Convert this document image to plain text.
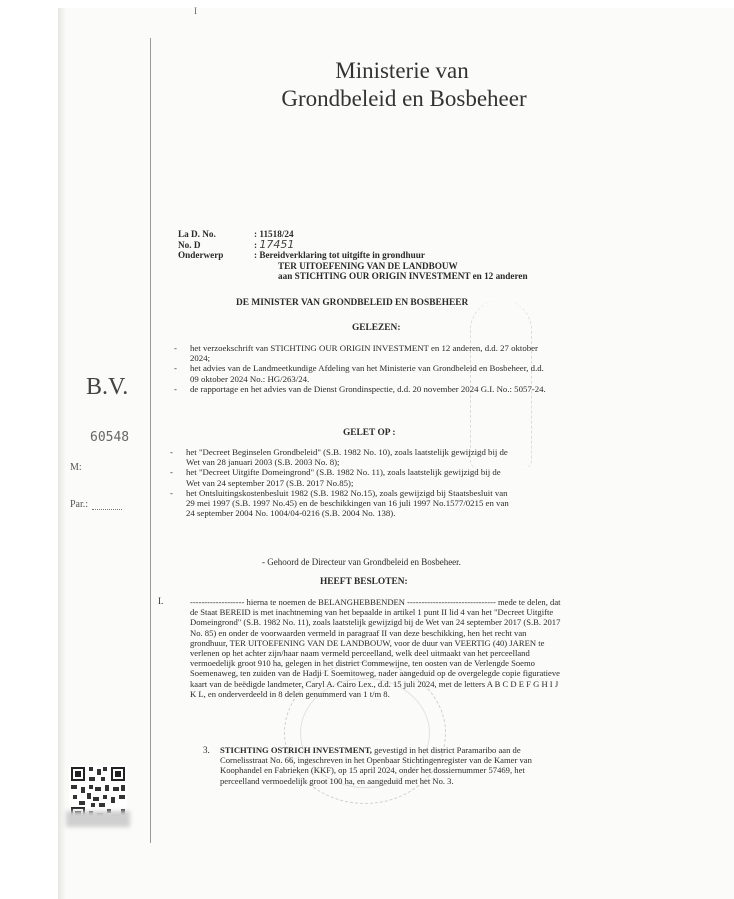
I
Ministerie van
Grondbeleid en Bosbeheer
La D. No.	: 11518/24
No. D	: 17451
Onderwerp	: Bereidverklaring tot uitgifte in grondhuur
TER UITOEFENING VAN DE LANDBOUW
aan STICHTING OUR ORIGIN INVESTMENT en 12 anderen
DE MINISTER VAN GRONDBELEID EN BOSBEHEER
GELEZEN:
- het verzoekschrift van STICHTING OUR ORIGIN INVESTMENT en 12 anderen, d.d. 27 oktober 2024;
- het advies van de Landmeetkundige Afdeling van het Ministerie van Grondbeleid en Bosbeheer, d.d. 09 oktober 2024 No.: HG/263/24.
- de rapportage en het advies van de Dienst Grondinspectie, d.d. 20 november 2024 G.I. No.: 5057-24.
GELET OP :
- het "Decreet Beginselen Grondbeleid" (S.B. 1982 No. 10), zoals laatstelijk gewijzigd bij de Wet van 28 januari 2003 (S.B. 2003 No. 8);
- het "Decreet Uitgifte Domeingrond" (S.B. 1982 No. 11), zoals laatstelijk gewijzigd bij de Wet van 24 september 2017 (S.B. 2017 No.85);
- het Ontsluitingskostenbesluit 1982 (S.B. 1982 No.15), zoals gewijzigd bij Staatsbesluit van 29 mei 1997 (S.B. 1997 No.45) en de beschikkingen van 16 juli 1997 No.1577/0215 en van 24 september 2004 No. 1004/04-0216 (S.B. 2004 No. 138).
- Gehoord de Directeur van Grondbeleid en Bosbeheer.
HEEFT BESLOTEN:
I.	------------------- hierna te noemen de BELANGHEBBENDEN ------------------------------- mede te delen, dat de Staat BEREID is met inachtneming van het bepaalde in artikel 1 punt II lid 4 van het "Decreet Uitgifte Domeingrond" (S.B. 1982 No. 11), zoals laatstelijk gewijzigd bij de Wet van 24 september 2017 (S.B. 2017 No. 85) en onder de voorwaarden vermeld in paragraaf II van deze beschikking, hen het recht van grondhuur, TER UITOEFENING VAN DE LANDBOUW, voor de duur van VEERTIG (40) JAREN te verlenen op het achter zijn/haar naam vermeld perceelland, welk deel uitmaakt van het perceelland vermoedelijk groot 910 ha, gelegen in het district Commewijne, ten oosten van de Verlengde Soemo Soemenaweg, ten zuiden van de Hadji I. Soemitoweg, nader aangeduid op de overgelegde copie figuratieve kaart van de beëdigde landmeter, Caryl A. Cairo Lex., d.d. 15 juli 2024, met de letters A B C D E F G H I J K L, en onderverdeeld in 8 delen genummerd van 1 t/m 8.

3. STICHTING OSTRICH INVESTMENT, gevestigd in het district Paramaribo aan de Cornelisstraat No. 66, ingeschreven in het Openbaar Stichtingenregister van de Kamer van Koophandel en Fabrieken (KKF), op 15 april 2024, onder het dossiernummer 57469, het perceelland vermoedelijk groot 100 ha, en aangeduid met het No. 3.

B.V.
60548
M:
Par.:
